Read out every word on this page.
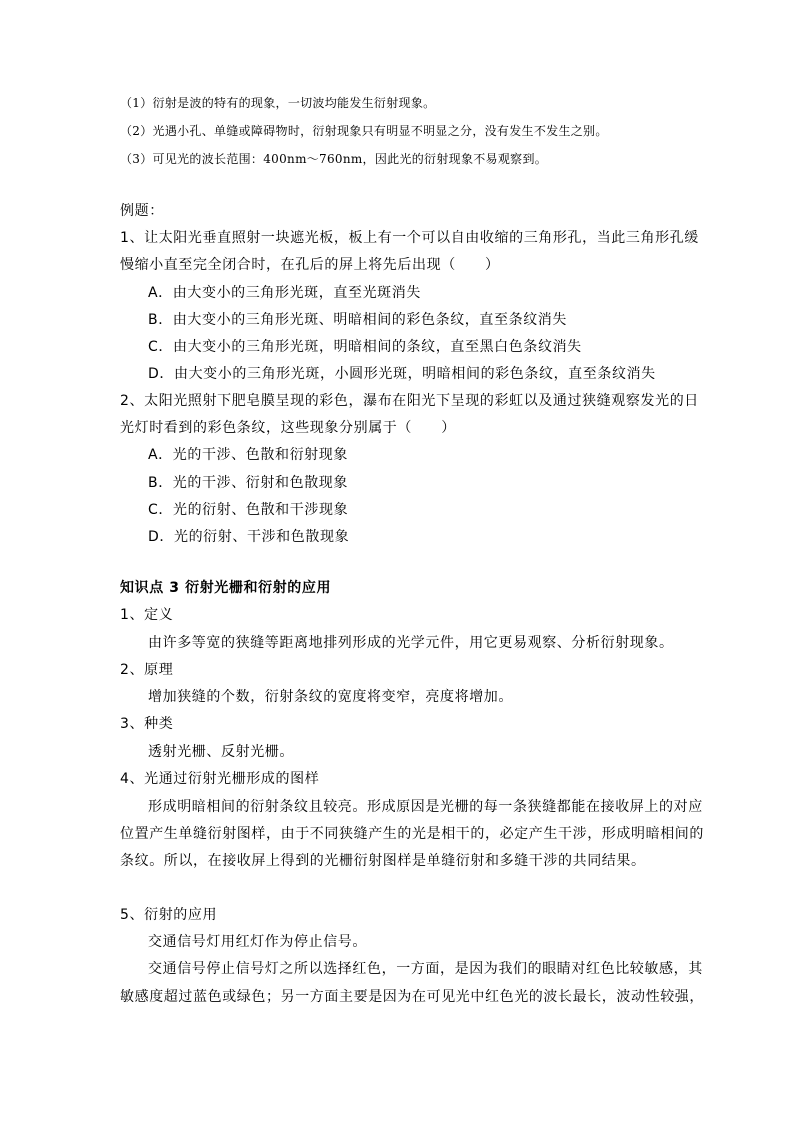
（1）衍射是波的特有的现象，一切波均能发生衍射现象。
（2）光遇小孔、单缝或障碍物时，衍射现象只有明显不明显之分，没有发生不发生之别。
（3）可见光的波长范围：400nm～760nm，因此光的衍射现象不易观察到。
例题：
1、让太阳光垂直照射一块遮光板，板上有一个可以自由收缩的三角形孔，当此三角形孔缓
慢缩小直至完全闭合时，在孔后的屏上将先后出现（　　）
A．由大变小的三角形光斑，直至光斑消失
B．由大变小的三角形光斑、明暗相间的彩色条纹，直至条纹消失
C．由大变小的三角形光斑，明暗相间的条纹，直至黑白色条纹消失
D．由大变小的三角形光斑，小圆形光斑，明暗相间的彩色条纹，直至条纹消失
2、太阳光照射下肥皂膜呈现的彩色，瀑布在阳光下呈现的彩虹以及通过狭缝观察发光的日
光灯时看到的彩色条纹，这些现象分别属于（　　）
A．光的干涉、色散和衍射现象
B．光的干涉、衍射和色散现象
C．光的衍射、色散和干涉现象
D．光的衍射、干涉和色散现象
知识点 3 衍射光栅和衍射的应用
1、定义
由许多等宽的狭缝等距离地排列形成的光学元件，用它更易观察、分析衍射现象。
2、原理
增加狭缝的个数，衍射条纹的宽度将变窄，亮度将增加。
3、种类
透射光栅、反射光栅。
4、光通过衍射光栅形成的图样
形成明暗相间的衍射条纹且较亮。形成原因是光栅的每一条狭缝都能在接收屏上的对应
位置产生单缝衍射图样，由于不同狭缝产生的光是相干的，必定产生干涉，形成明暗相间的
条纹。所以，在接收屏上得到的光栅衍射图样是单缝衍射和多缝干涉的共同结果。
5、衍射的应用
交通信号灯用红灯作为停止信号。
交通信号停止信号灯之所以选择红色，一方面，是因为我们的眼睛对红色比较敏感，其
敏感度超过蓝色或绿色；另一方面主要是因为在可见光中红色光的波长最长，波动性较强，
